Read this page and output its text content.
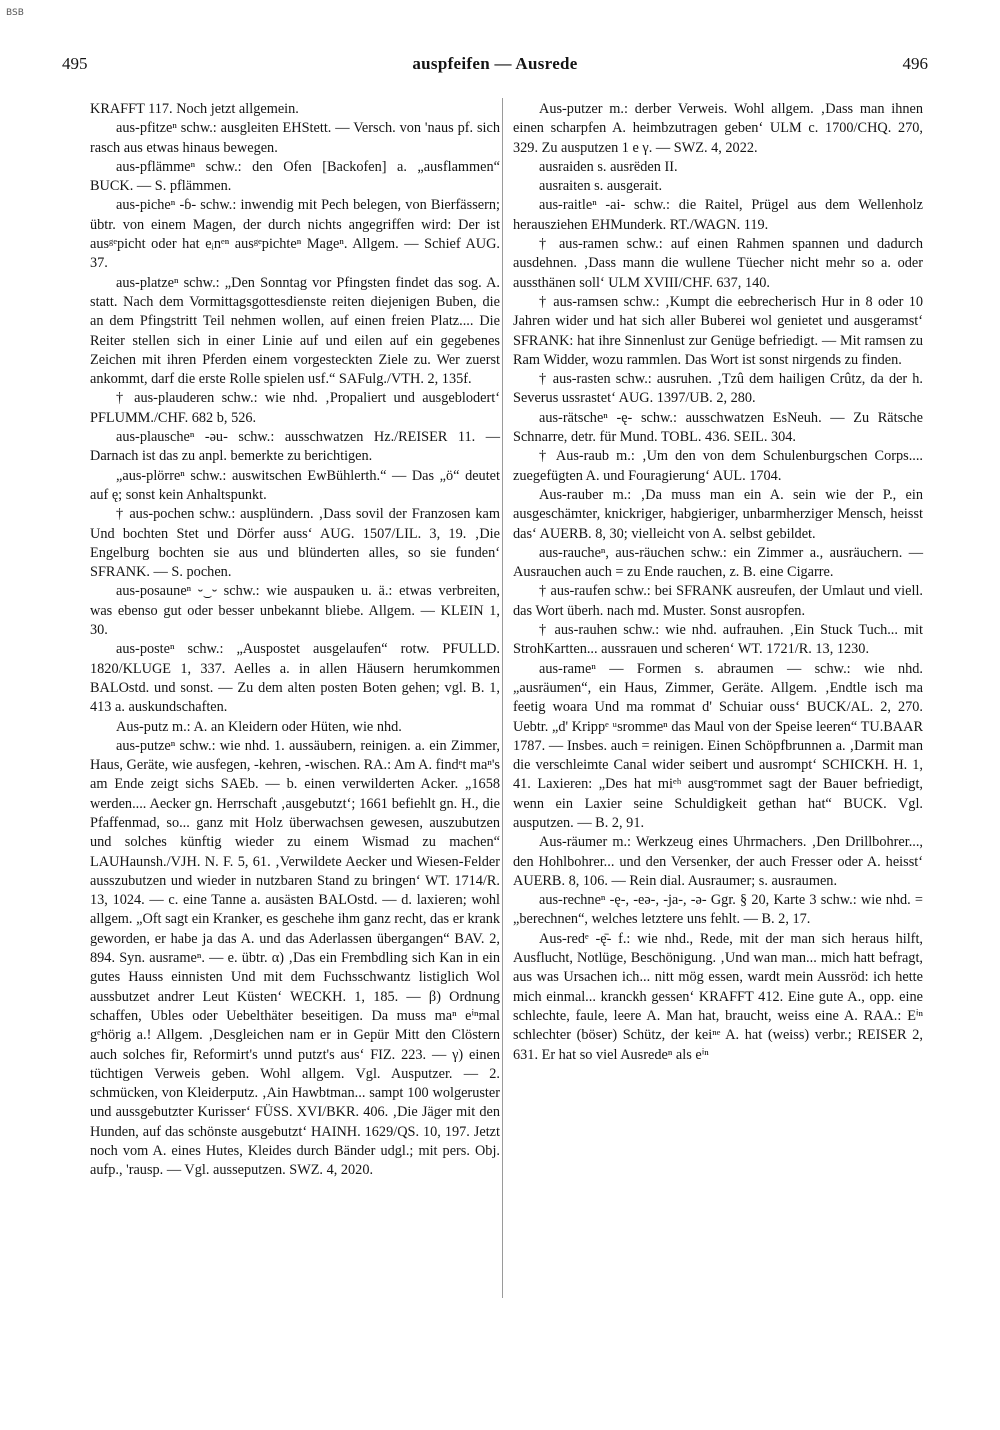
BSB
495	auspfeifen — Ausrede	496

KRAFFT 117. Noch jetzt allgemein.

aus-pfitzeⁿ schw.: ausgleiten EHStett. — Versch. von 'naus pf. sich rasch aus etwas hinaus bewegen.

aus-pflämmeⁿ schw.: den Ofen [Backofen] a. „ausflammen“ BUCK. — S. pflämmen.

aus-picheⁿ -ɓ- schw.: inwendig mit Pech belegen, von Bierfässern; übtr. von einem Magen, der durch nichts angegriffen wird: Der ist ausᵍᵉpicht oder hat eᵢnᵉⁿ ausᵍᵉpichteⁿ Mageⁿ. Allgem. — Schief AUG. 37.

aus-platzeⁿ schw.: „Den Sonntag vor Pfingsten findet das sog. A. statt. Nach dem Vormittagsgottesdienste reiten diejenigen Buben, die an dem Pfingstritt Teil nehmen wollen, auf einen freien Platz.... Die Reiter stellen sich in einer Linie auf und eilen auf ein gegebenes Zeichen mit ihren Pferden einem vorgesteckten Ziele zu. Wer zuerst ankommt, darf die erste Rolle spielen usf.“ SAFulg./VTH. 2, 135f.

† aus-plauderen schw.: wie nhd. ‚Propaliert und ausgeblodert‘ PFLUMM./CHF. 682 b, 526.

aus-plauscheⁿ -əu- schw.: ausschwatzen Hz./REISER 11. — Darnach ist das zu anpl. bemerkte zu berichtigen.

„aus-plörreⁿ schw.: auswitschen EwBühlerth.“ — Das „ö“ deutet auf ę; sonst kein Anhaltspunkt.

† aus-pochen schw.: ausplündern. ‚Dass sovil der Franzosen kam Und bochten Stet und Dörfer auss‘ AUG. 1507/LIL. 3, 19. ‚Die Engelburg bochten sie aus und blünderten alles, so sie funden‘ SFRANK. — S. pochen.

aus-posauneⁿ ⏑‿⏑ schw.: wie auspauken u. ä.: etwas verbreiten, was ebenso gut oder besser unbekannt bliebe. Allgem. — KLEIN 1, 30.

aus-posteⁿ schw.: „Auspostet ausgelaufen“ rotw. PFULLD. 1820/KLUGE 1, 337. Aelles a. in allen Häusern herumkommen BALOstd. und sonst. — Zu dem alten posten Boten gehen; vgl. B. 1, 413 a. auskundschaften.

Aus-putz m.: A. an Kleidern oder Hüten, wie nhd.

aus-putzeⁿ schw.: wie nhd. 1. aussäubern, reinigen. a. ein Zimmer, Haus, Geräte, wie ausfegen, -kehren, -wischen. RA.: Am A. findᵉt maⁿ's am Ende zeigt sichs SAEb. — b. einen verwilderten Acker. „1658 werden.... Aecker gn. Herrschaft ‚ausgebutzt‘; 1661 befiehlt gn. H., die Pfaffenmad, so... ganz mit Holz überwachsen gewesen, auszubutzen und solches künftig wieder zu einem Wismad zu machen“ LAUHaunsh./VJH. N. F. 5, 61. ‚Verwildete Aecker und Wiesen-Felder ausszubutzen und wieder in nutzbaren Stand zu bringen‘ WT. 1714/R. 13, 1024. — c. eine Tanne a. ausästen BALOstd. — d. laxieren; wohl allgem. „Oft sagt ein Kranker, es geschehe ihm ganz recht, das er krank geworden, er habe ja das A. und das Aderlassen übergangen“ BAV. 2, 894. Syn. ausrameⁿ. — e. übtr. α) ‚Das ein Frembdling sich Kan in ein gutes Hauss einnisten Und mit dem Fuchsschwantz listiglich Wol aussbutzet andrer Leut Küsten‘ WECKH. 1, 185. — β) Ordnung schaffen, Ubles oder Uebelthäter beseitigen. Da muss maⁿ eⁱⁿmal gᵉhörig a.! Allgem. ‚Desgleichen nam er in Gepür Mitt den Clöstern auch solches fir, Reformirt's unnd putzt's aus‘ FIZ. 223. — γ) einen tüchtigen Verweis geben. Wohl allgem. Vgl. Ausputzer. — 2. schmücken, von Kleiderputz. ‚Ain Hawbtman... sampt 100 wolgeruster und aussgebutzter Kurisser‘ FÜSS. XVI/BKR. 406. ‚Die Jäger mit den Hunden, auf das schönste ausgebutzt‘ HAINH. 1629/QS. 10, 197. Jetzt noch vom A. eines Hutes, Kleides durch Bänder udgl.; mit pers. Obj. aufp., 'rausp. — Vgl. ausseputzen. SWZ. 4, 2020.

Aus-putzer m.: derber Verweis. Wohl allgem. ‚Dass man ihnen einen scharpfen A. heimbzutragen geben‘ ULM c. 1700/CHQ. 270, 329. Zu ausputzen 1 e γ. — SWZ. 4, 2022.

ausraiden s. ausrëden II.

ausraiten s. ausgerait.

aus-raitleⁿ -ai- schw.: die Raitel, Prügel aus dem Wellenholz herausziehen EHMunderk. RT./WAGN. 119.

† aus-ramen schw.: auf einen Rahmen spannen und dadurch ausdehnen. ‚Dass mann die wullene Tüecher nicht mehr so a. oder aussthänen soll‘ ULM XVIII/CHF. 637, 140.

† aus-ramsen schw.: ‚Kumpt die eebrecherisch Hur in 8 oder 10 Jahren wider und hat sich aller Buberei wol genietet und ausgeramst‘ SFRANK: hat ihre Sinnenlust zur Genüge befriedigt. — Mit ramsen zu Ram Widder, wozu rammlen. Das Wort ist sonst nirgends zu finden.

† aus-rasten schw.: ausruhen. ‚Tzû dem hailigen Crûtz, da der h. Severus ussrastet‘ AUG. 1397/UB. 2, 280.

aus-rätscheⁿ -ę- schw.: ausschwatzen EsNeuh. — Zu Rätsche Schnarre, detr. für Mund. TOBL. 436. SEIL. 304.

† Aus-raub m.: ‚Um den von dem Schulenburgschen Corps.... zuegefügten A. und Fouragierung‘ AUL. 1704.

Aus-rauber m.: ‚Da muss man ein A. sein wie der P., ein ausgeschämter, knickriger, habgieriger, unbarmherziger Mensch, heisst das‘ AUERB. 8, 30; vielleicht von A. selbst gebildet.

aus-raucheⁿ, aus-räuchen schw.: ein Zimmer a., ausräuchern. — Ausrauchen auch = zu Ende rauchen, z. B. eine Cigarre.

† aus-raufen schw.: bei SFRANK ausreufen, der Umlaut und viell. das Wort überh. nach md. Muster. Sonst ausropfen.

† aus-rauhen schw.: wie nhd. aufrauhen. ‚Ein Stuck Tuch... mit StrohKartten... aussrauen und scheren‘ WT. 1721/R. 13, 1230.

aus-rameⁿ — Formen s. abraumen — schw.: wie nhd. „ausräumen“, ein Haus, Zimmer, Geräte. Allgem. ‚Endtle isch ma feetig woara Und ma rommat d' Schuiar ouss‘ BUCK/AL. 2, 270. Uebtr. „d' Krippᵉ ᵘsrommeⁿ das Maul von der Speise leeren“ TU.BAAR 1787. — Insbes. auch = reinigen. Einen Schöpfbrunnen a. ‚Darmit man die verschleimte Canal wider seibert und ausrompt‘ SCHICKH. H. 1, 41. Laxieren: „Des hat miᵉʰ ausgᵉrommet sagt der Bauer befriedigt, wenn ein Laxier seine Schuldigkeit gethan hat“ BUCK. Vgl. ausputzen. — B. 2, 91.

Aus-räumer m.: Werkzeug eines Uhrmachers. ‚Den Drillbohrer..., den Hohlbohrer... und den Versenker, der auch Fresser oder A. heisst‘ AUERB. 8, 106. — Rein dial. Ausraumer; s. ausraumen.

aus-rechneⁿ -ę-, -eə-, -ja-, -ə- Ggr. § 20, Karte 3 schw.: wie nhd. = „berechnen“, welches letztere uns fehlt. — B. 2, 17.

Aus-redᵉ -ę̄- f.: wie nhd., Rede, mit der man sich heraus hilft, Ausflucht, Notlüge, Beschönigung. ‚Und wan man... mich hatt befragt, aus was Ursachen ich... nitt mög essen, wardt mein Aussröd: ich hette mich einmal... kranckh gessen‘ KRAFFT 412. Eine gute A., opp. eine schlechte, faule, leere A. Man hat, braucht, weiss eine A. RAA.: Eⁱⁿ schlechter (böser) Schütz, der keiⁿᵉ A. hat (weiss) verbr.; REISER 2, 631. Er hat so viel Ausredeⁿ als eⁱⁿ
